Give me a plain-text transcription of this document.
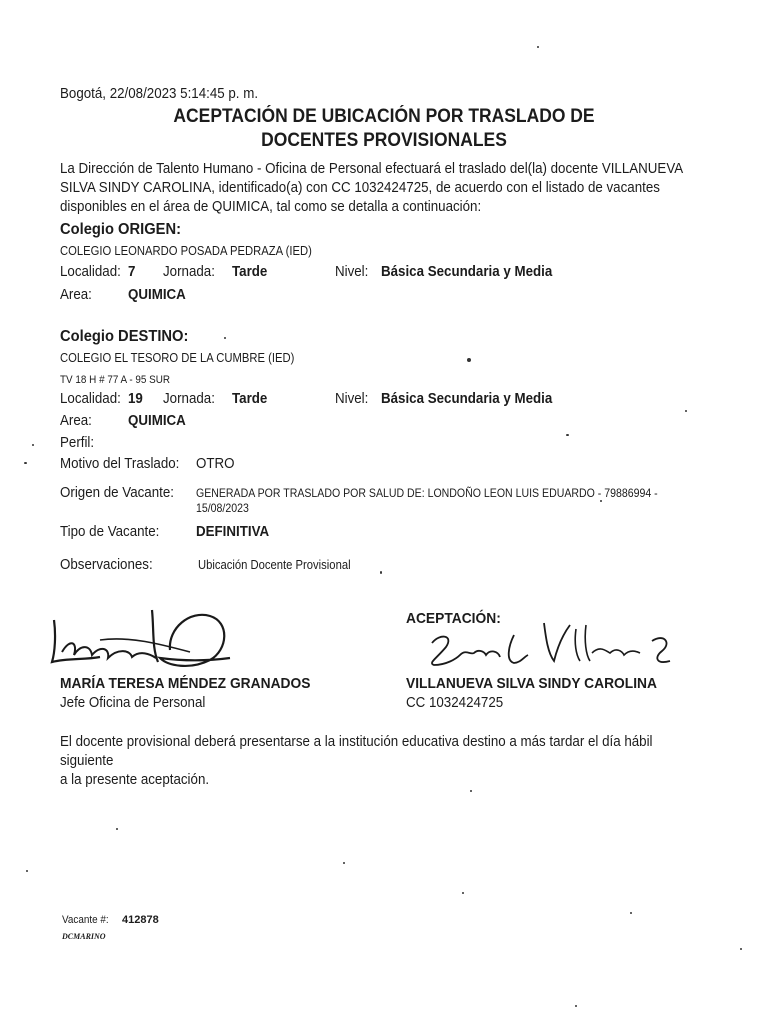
Bogotá, 22/08/2023 5:14:45 p. m.
ACEPTACIÓN DE UBICACIÓN POR TRASLADO DE
DOCENTES PROVISIONALES
La Dirección de Talento Humano - Oficina de Personal efectuará el traslado del(la) docente VILLANUEVA
SILVA SINDY CAROLINA, identificado(a) con CC 1032424725, de acuerdo con el listado de vacantes
disponibles en el área de QUIMICA, tal como se detalla a continuación:
Colegio ORIGEN:
COLEGIO LEONARDO POSADA PEDRAZA (IED)
Localidad: 7 Jornada: Tarde	Nivel: Básica Secundaria y Media
Area: QUIMICA
Colegio DESTINO:
COLEGIO EL TESORO DE LA CUMBRE (IED)
TV 18 H # 77 A - 95 SUR
Localidad: 19 Jornada: Tarde	Nivel: Básica Secundaria y Media
Area: QUIMICA
Perfil:
Motivo del Traslado: OTRO
Origen de Vacante: GENERADA POR TRASLADO POR SALUD DE: LONDOÑO LEON LUIS EDUARDO - 79886994 -
15/08/2023
Tipo de Vacante:	DEFINITIVA
Observaciones:	Ubicación Docente Provisional
MARÍA TERESA MÉNDEZ GRANADOS
Jefe Oficina de Personal
ACEPTACIÓN:
VILLANUEVA SILVA SINDY CAROLINA
CC 1032424725
El docente provisional deberá presentarse a la institución educativa destino a más tardar el día hábil
siguiente
a la presente aceptación.
Vacante #: 412878
DCMARINO
